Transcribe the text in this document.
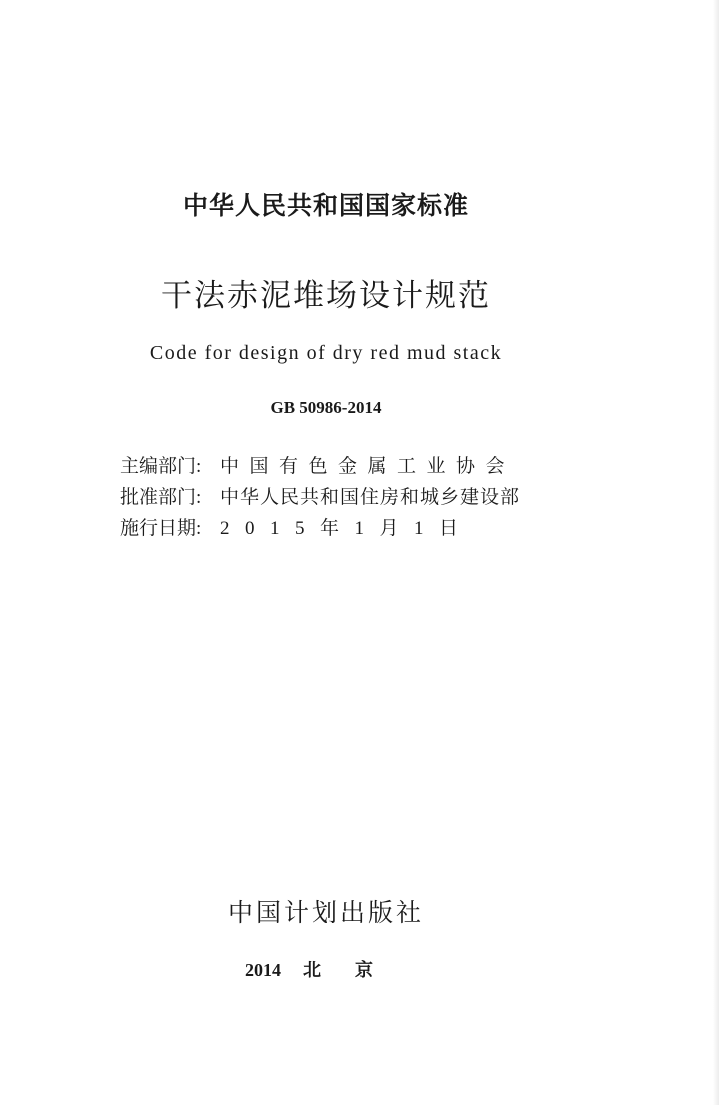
中华人民共和国国家标准
干法赤泥堆场设计规范
Code for design of dry red mud stack
GB 50986-2014
主编部门: 中国有色金属工业协会
批准部门: 中华人民共和国住房和城乡建设部
施行日期: 2015年1月1日
中国计划出版社
2014 北京
